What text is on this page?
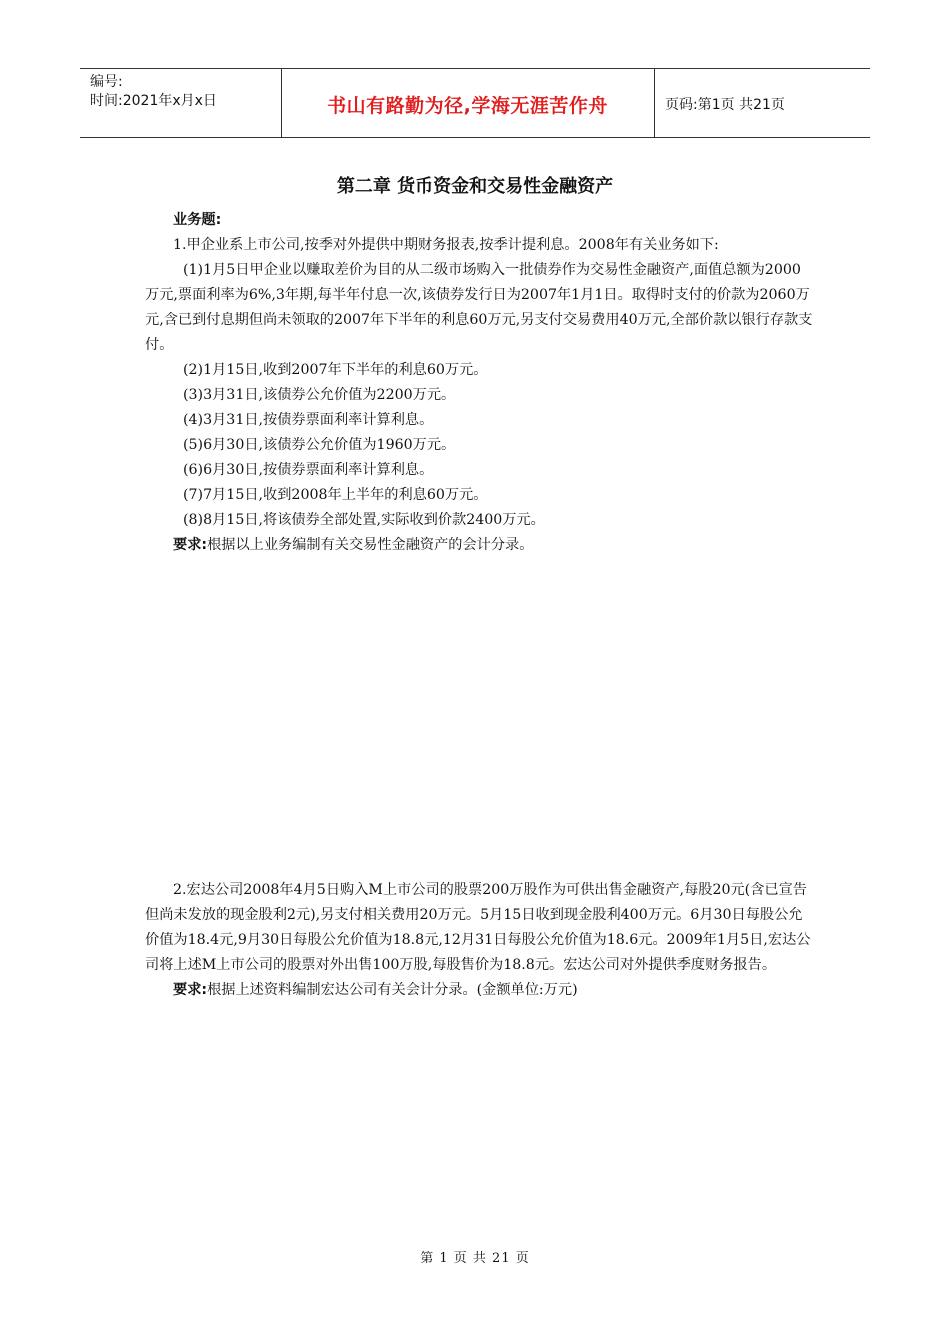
编号:
时间:2021年x月x日	书山有路勤为径,学海无涯苦作舟	页码:第1页 共21页
第二章 货币资金和交易性金融资产

业务题:

1.甲企业系上市公司,按季对外提供中期财务报表,按季计提利息。2008年有关业务如下:

(1)1月5日甲企业以赚取差价为目的从二级市场购入一批债券作为交易性金融资产,面值总额为2000万元,票面利率为6%,3年期,每半年付息一次,该债券发行日为2007年1月1日。取得时支付的价款为2060万元,含已到付息期但尚未领取的2007年下半年的利息60万元,另支付交易费用40万元,全部价款以银行存款支付。

(2)1月15日,收到2007年下半年的利息60万元。

(3)3月31日,该债券公允价值为2200万元。

(4)3月31日,按债券票面利率计算利息。

(5)6月30日,该债券公允价值为1960万元。

(6)6月30日,按债券票面利率计算利息。

(7)7月15日,收到2008年上半年的利息60万元。

(8)8月15日,将该债券全部处置,实际收到价款2400万元。

要求:根据以上业务编制有关交易性金融资产的会计分录。

2.宏达公司2008年4月5日购入M上市公司的股票200万股作为可供出售金融资产,每股20元(含已宣告但尚未发放的现金股利2元),另支付相关费用20万元。5月15日收到现金股利400万元。6月30日每股公允价值为18.4元,9月30日每股公允价值为18.8元,12月31日每股公允价值为18.6元。2009年1月5日,宏达公司将上述M上市公司的股票对外出售100万股,每股售价为18.8元。宏达公司对外提供季度财务报告。

要求:根据上述资料编制宏达公司有关会计分录。(金额单位:万元)

第 1 页 共 21 页
